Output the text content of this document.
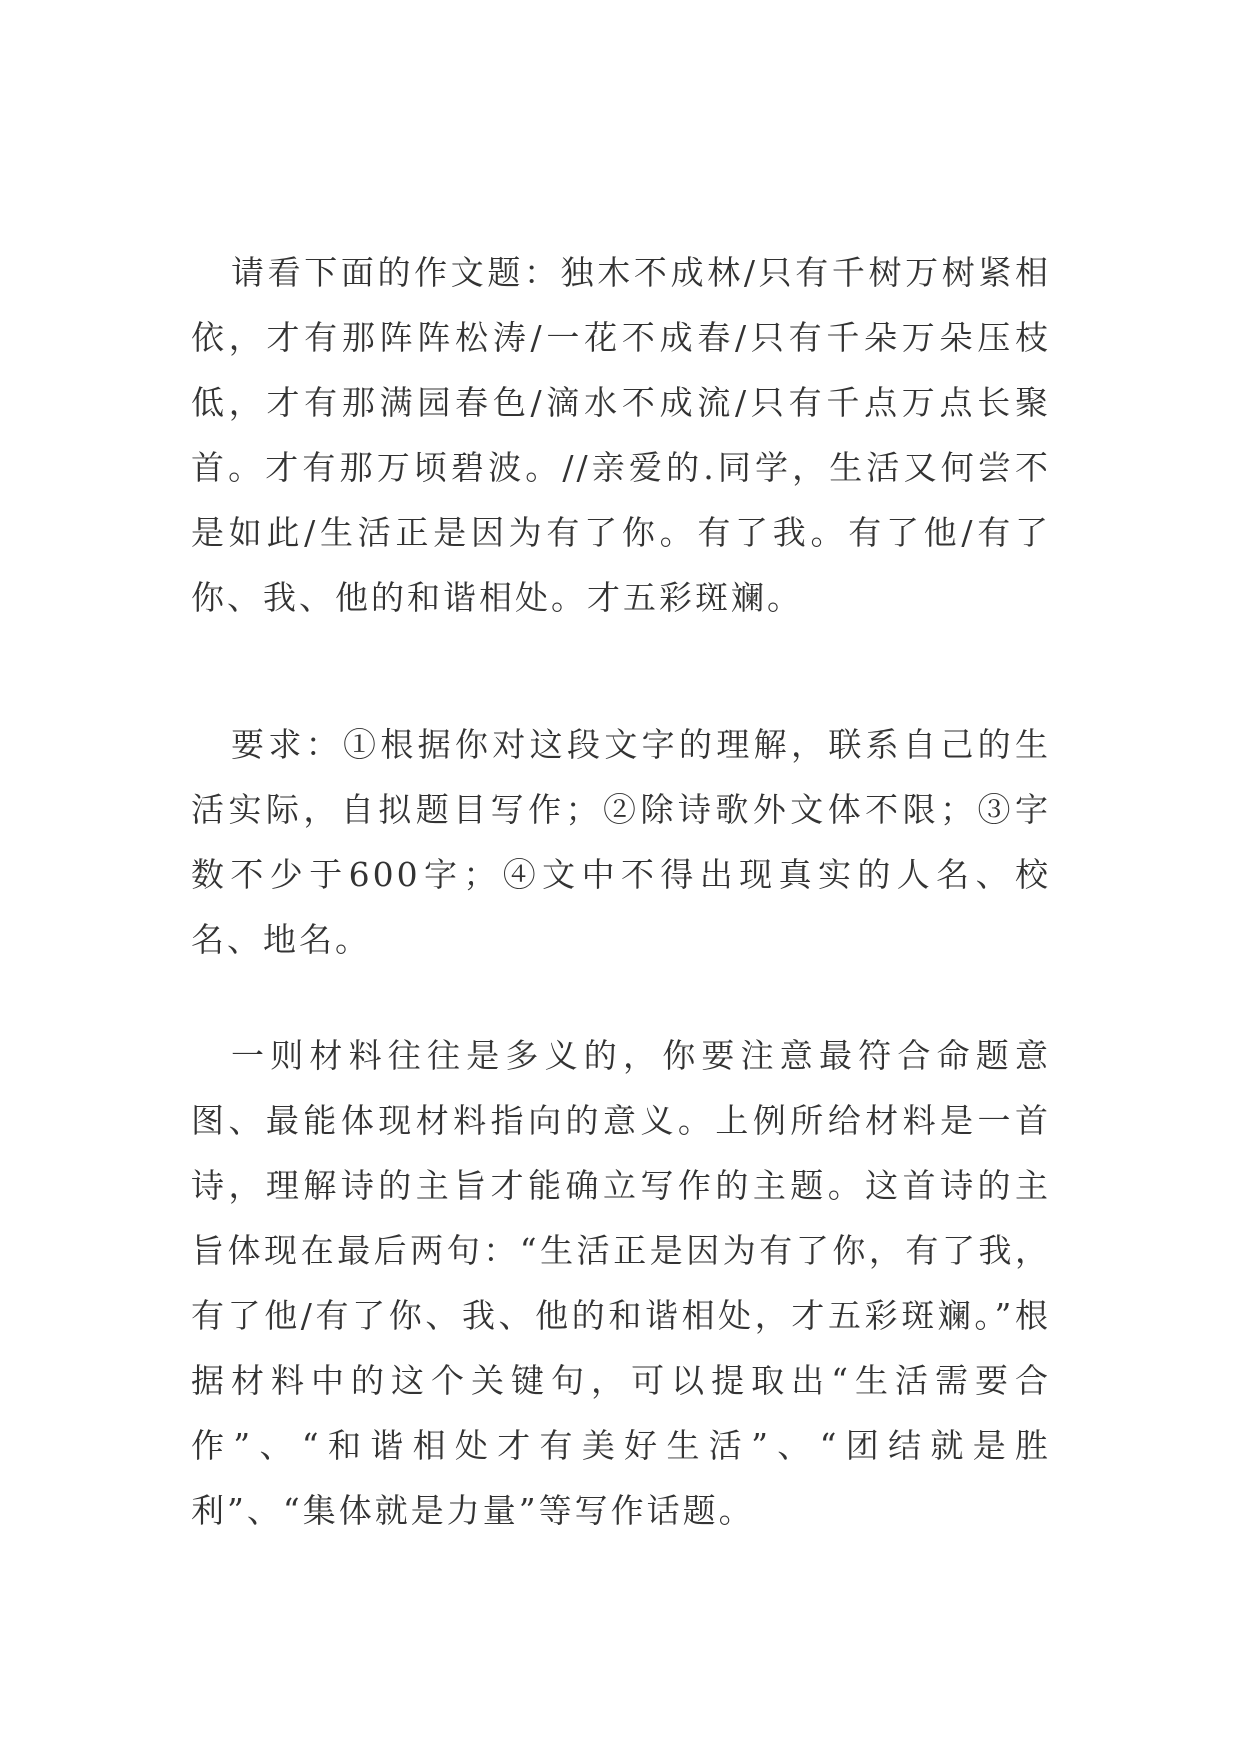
请看下面的作文题：独木不成林/只有千树万树紧相依，才有那阵阵松涛/一花不成春/只有千朵万朵压枝低，才有那满园春色/滴水不成流/只有千点万点长聚首。才有那万顷碧波。//亲爱的.同学，生活又何尝不是如此/生活正是因为有了你。有了我。有了他/有了你、我、他的和谐相处。才五彩斑斓。

要求：①根据你对这段文字的理解，联系自己的生活实际，自拟题目写作；②除诗歌外文体不限；③字数不少于600字；④文中不得出现真实的人名、校名、地名。

一则材料往往是多义的，你要注意最符合命题意图、最能体现材料指向的意义。上例所给材料是一首诗，理解诗的主旨才能确立写作的主题。这首诗的主旨体现在最后两句：“生活正是因为有了你，有了我，有了他/有了你、我、他的和谐相处，才五彩斑斓。”根据材料中的这个关键句，可以提取出“生活需要合作”、“和谐相处才有美好生活”、“团结就是胜利”、“集体就是力量”等写作话题。
